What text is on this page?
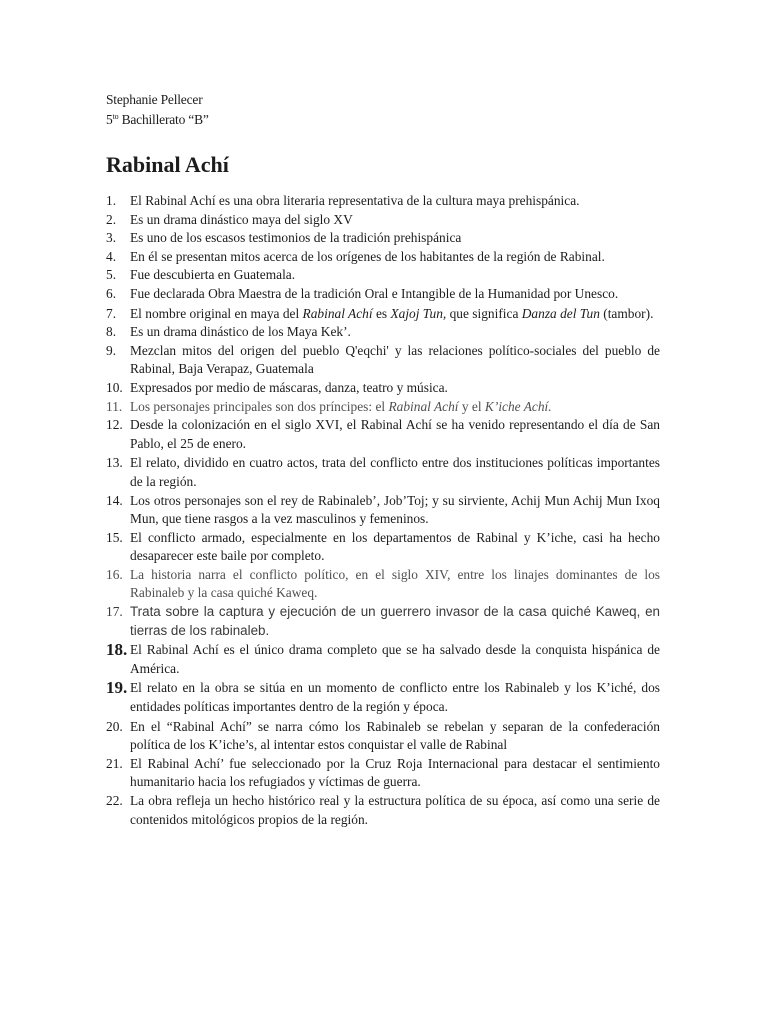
Stephanie Pellecer
$5^{to}$ Bachillerato “B”
Rabinal Achí
1.	El Rabinal Achí es una obra literaria representativa de la cultura maya prehispánica.
2.	Es un drama dinástico maya del siglo XV
3.	Es uno de los escasos testimonios de la tradición prehispánica
4.	En él se presentan mitos acerca de los orígenes de los habitantes de la región de Rabinal.
5.	Fue descubierta en Guatemala.
6.	Fue declarada Obra Maestra de la tradición Oral e Intangible de la Humanidad por Unesco.
7.	El nombre original en maya del Rabinal Achí es Xajoj Tun, que significa Danza del Tun (tambor).
8.	Es un drama dinástico de los Maya Kek’.
9.	Mezclan mitos del origen del pueblo Q'eqchi' y las relaciones político-sociales del pueblo de Rabinal, Baja Verapaz, Guatemala
10. Expresados por medio de máscaras, danza, teatro y música.
11. Los personajes principales son dos príncipes: el Rabinal Achí y el K’iche Achí.
12. Desde la colonización en el siglo XVI, el Rabinal Achí se ha venido representando el día de San Pablo, el 25 de enero.
13. El relato, dividido en cuatro actos, trata del conflicto entre dos instituciones políticas importantes de la región.
14. Los otros personajes son el rey de Rabinaleb’, Job’Toj; y su sirviente, Achij Mun Achij Mun Ixoq Mun, que tiene rasgos a la vez masculinos y femeninos.
15. El conflicto armado, especialmente en los departamentos de Rabinal y K’iche, casi ha hecho desaparecer este baile por completo.
16. La historia narra el conflicto político, en el siglo XIV, entre los linajes dominantes de los Rabinaleb y la casa quiché Kaweq.
17. Trata sobre la captura y ejecución de un guerrero invasor de la casa quiché Kaweq, en tierras de los rabinaleb.
18. El Rabinal Achí es el único drama completo que se ha salvado desde la conquista hispánica de América.
19. El relato en la obra se sitúa en un momento de conflicto entre los Rabinaleb y los K’iché, dos entidades políticas importantes dentro de la región y época.
20. En el “Rabinal Achí” se narra cómo los Rabinaleb se rebelan y separan de la confederación política de los K’iche’s, al intentar estos conquistar el valle de Rabinal
21. El Rabinal Achí’ fue seleccionado por la Cruz Roja Internacional para destacar el sentimiento humanitario hacia los refugiados y víctimas de guerra.
22. La obra refleja un hecho histórico real y la estructura política de su época, así como una serie de contenidos mitológicos propios de la región.
